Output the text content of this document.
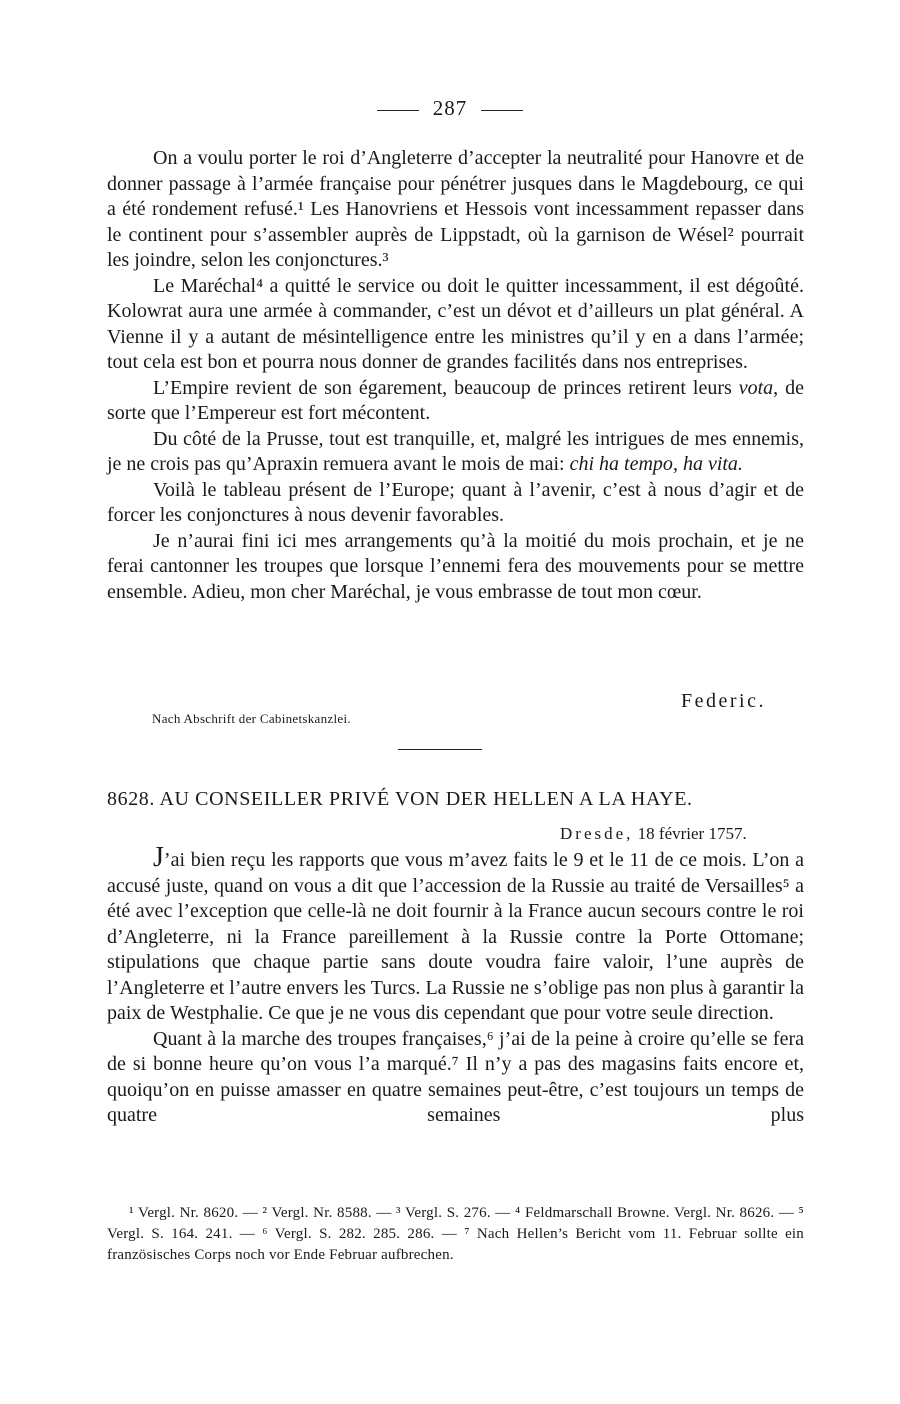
287

On a voulu porter le roi d’Angleterre d’accepter la neutralité pour Hanovre et de donner passage à l’armée française pour pénétrer jusques dans le Magdebourg, ce qui a été rondement refusé.¹ Les Hanovriens et Hessois vont incessamment repasser dans le continent pour s’assembler auprès de Lippstadt, où la garnison de Wésel² pourrait les joindre, selon les conjonctures.³

Le Maréchal⁴ a quitté le service ou doit le quitter incessamment, il est dégoûté. Kolowrat aura une armée à commander, c’est un dévot et d’ailleurs un plat général. A Vienne il y a autant de mésintelligence entre les ministres qu’il y en a dans l’armée; tout cela est bon et pourra nous donner de grandes facilités dans nos entreprises.

L’Empire revient de son égarement, beaucoup de princes retirent leurs vota, de sorte que l’Empereur est fort mécontent.

Du côté de la Prusse, tout est tranquille, et, malgré les intrigues de mes ennemis, je ne crois pas qu’Apraxin remuera avant le mois de mai: chi ha tempo, ha vita.

Voilà le tableau présent de l’Europe; quant à l’avenir, c’est à nous d’agir et de forcer les conjonctures à nous devenir favorables.

Je n’aurai fini ici mes arrangements qu’à la moitié du mois prochain, et je ne ferai cantonner les troupes que lorsque l’ennemi fera des mouvements pour se mettre ensemble. Adieu, mon cher Maréchal, je vous embrasse de tout mon cœur.

Federic.
Nach Abschrift der Cabinetskanzlei.
8628. AU CONSEILLER PRIVÉ VON DER HELLEN A LA HAYE.
Dresde, 18 février 1757.

J’ai bien reçu les rapports que vous m’avez faits le 9 et le 11 de ce mois. L’on a accusé juste, quand on vous a dit que l’accession de la Russie au traité de Versailles⁵ a été avec l’exception que celle-là ne doit fournir à la France aucun secours contre le roi d’Angleterre, ni la France pareillement à la Russie contre la Porte Ottomane; stipulations que chaque partie sans doute voudra faire valoir, l’une auprès de l’Angleterre et l’autre envers les Turcs. La Russie ne s’oblige pas non plus à garantir la paix de Westphalie. Ce que je ne vous dis cependant que pour votre seule direction.

Quant à la marche des troupes françaises,⁶ j’ai de la peine à croire qu’elle se fera de si bonne heure qu’on vous l’a marqué.⁷ Il n’y a pas des magasins faits encore et, quoiqu’on en puisse amasser en quatre semaines peut-être, c’est toujours un temps de quatre semaines plus

¹ Vergl. Nr. 8620. — ² Vergl. Nr. 8588. — ³ Vergl. S. 276. — ⁴ Feldmarschall Browne. Vergl. Nr. 8626. — ⁵ Vergl. S. 164. 241. — ⁶ Vergl. S. 282. 285. 286. — ⁷ Nach Hellen’s Bericht vom 11. Februar sollte ein französisches Corps noch vor Ende Februar aufbrechen.
